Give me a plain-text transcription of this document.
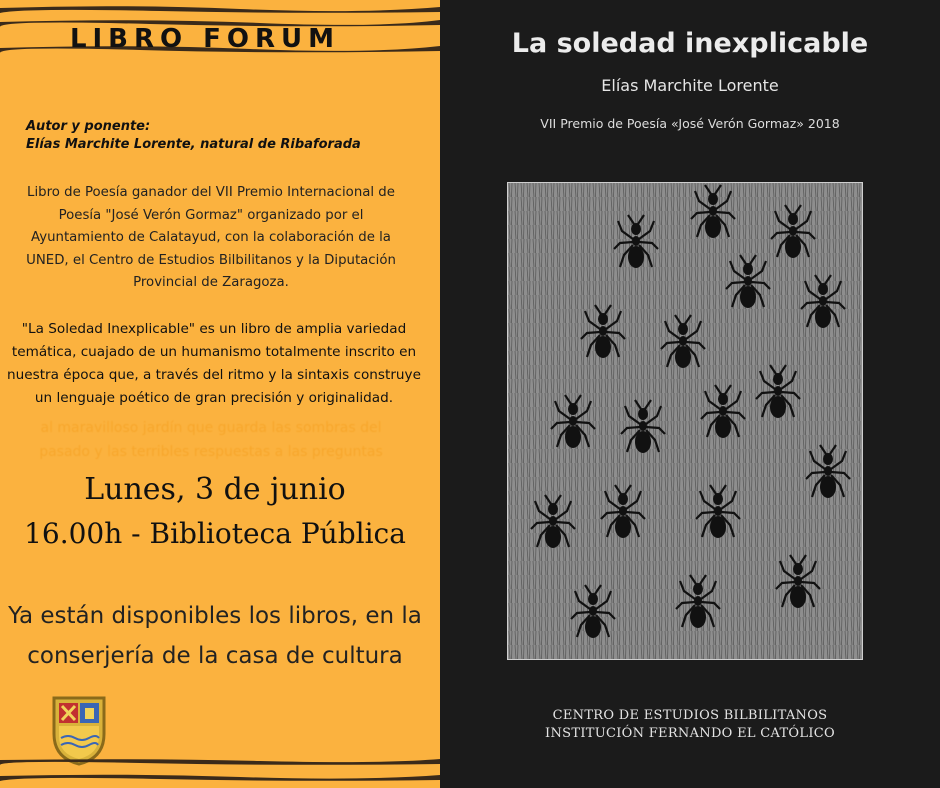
LIBRO FORUM
Autor y ponente:
Elías Marchite Lorente, natural de Ribaforada
Libro de Poesía ganador del VII Premio Internacional de
Poesía "José Verón Gormaz" organizado por el
Ayuntamiento de Calatayud, con la colaboración de la
UNED, el Centro de Estudios Bilbilitanos y la Diputación
Provincial de Zaragoza.
"La Soledad Inexplicable" es un libro de amplia variedad
temática, cuajado de un humanismo totalmente inscrito en
nuestra época que, a través del ritmo y la sintaxis construye
un lenguaje poético de gran precisión y originalidad.
al maravilloso jardín que guarda las sombras del
pasado y las terribles respuestas a las preguntas
Lunes, 3 de junio
16.00h - Biblioteca Pública
Ya están disponibles los libros, en la
conserjería de la casa de cultura
La soledad inexplicable
Elías Marchite Lorente
VII Premio de Poesía «José Verón Gormaz» 2018
CENTRO DE ESTUDIOS BILBILITANOS
INSTITUCIÓN FERNANDO EL CATÓLICO
